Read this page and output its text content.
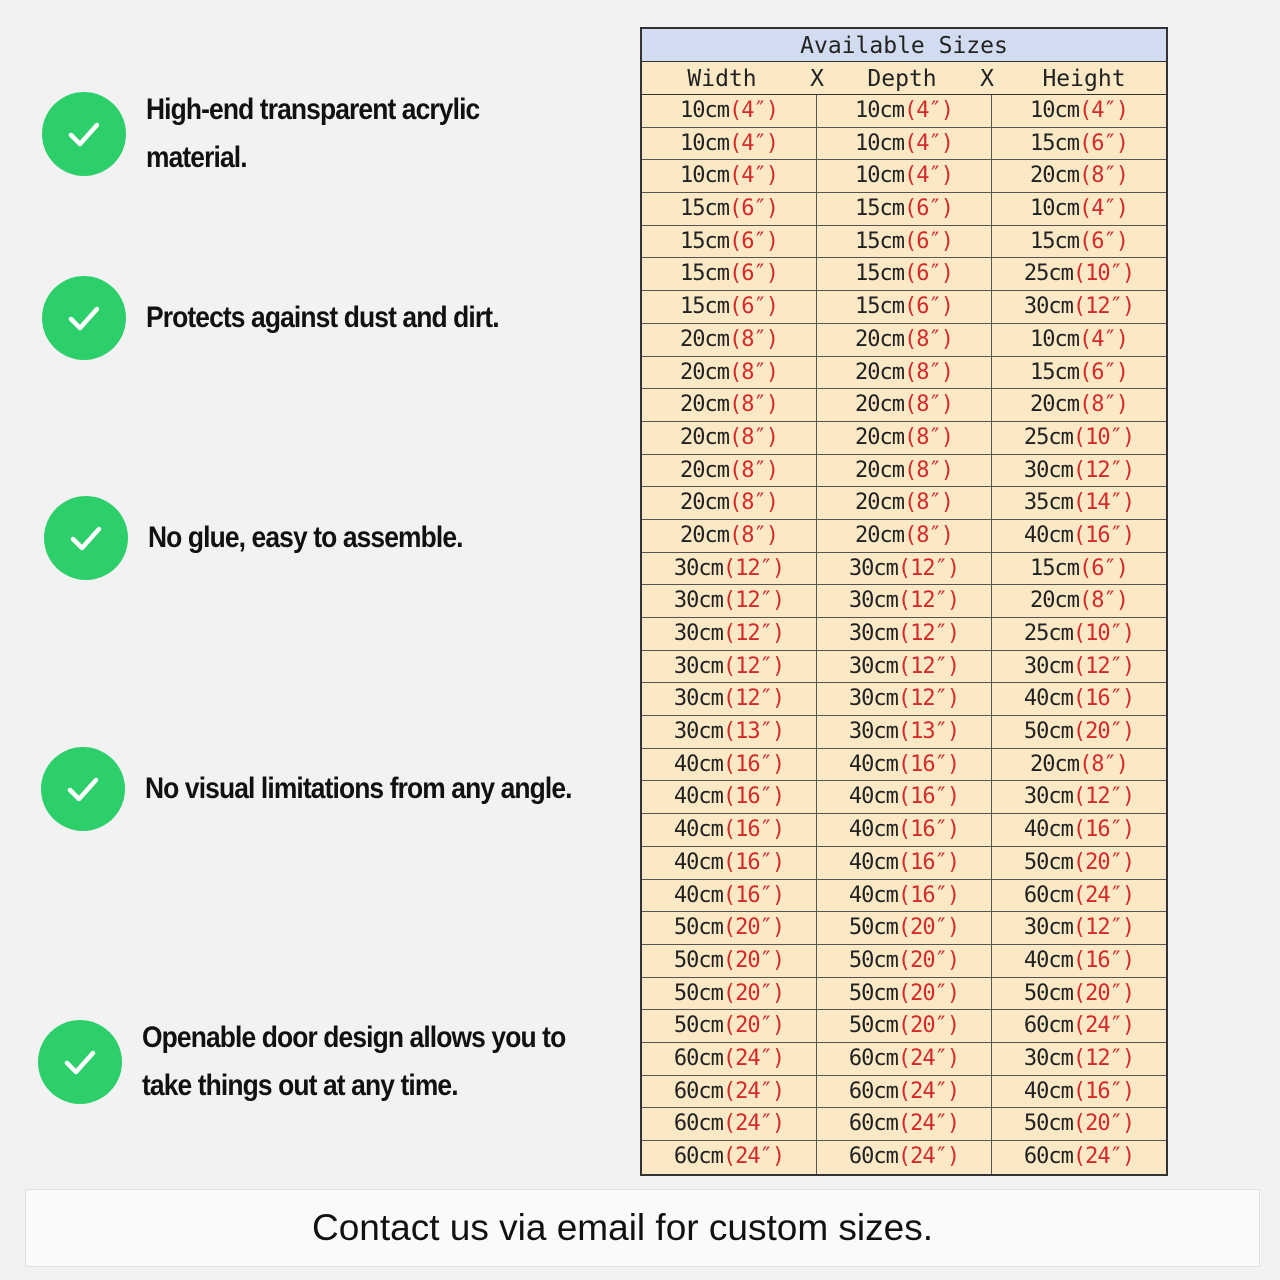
High-end transparent acrylic
material.
Protects against dust and dirt.
No glue, easy to assemble.
No visual limitations from any angle.
Openable door design allows you to
take things out at any time.
Available Sizes
Width	X	Depth	X	Height
10cm(4″)	10cm(4″)	10cm(4″)
10cm(4″)	10cm(4″)	15cm(6″)
10cm(4″)	10cm(4″)	20cm(8″)
15cm(6″)	15cm(6″)	10cm(4″)
15cm(6″)	15cm(6″)	15cm(6″)
15cm(6″)	15cm(6″)	25cm(10″)
15cm(6″)	15cm(6″)	30cm(12″)
20cm(8″)	20cm(8″)	10cm(4″)
20cm(8″)	20cm(8″)	15cm(6″)
20cm(8″)	20cm(8″)	20cm(8″)
20cm(8″)	20cm(8″)	25cm(10″)
20cm(8″)	20cm(8″)	30cm(12″)
20cm(8″)	20cm(8″)	35cm(14″)
20cm(8″)	20cm(8″)	40cm(16″)
30cm(12″)	30cm(12″)	15cm(6″)
30cm(12″)	30cm(12″)	20cm(8″)
30cm(12″)	30cm(12″)	25cm(10″)
30cm(12″)	30cm(12″)	30cm(12″)
30cm(12″)	30cm(12″)	40cm(16″)
30cm(13″)	30cm(13″)	50cm(20″)
40cm(16″)	40cm(16″)	20cm(8″)
40cm(16″)	40cm(16″)	30cm(12″)
40cm(16″)	40cm(16″)	40cm(16″)
40cm(16″)	40cm(16″)	50cm(20″)
40cm(16″)	40cm(16″)	60cm(24″)
50cm(20″)	50cm(20″)	30cm(12″)
50cm(20″)	50cm(20″)	40cm(16″)
50cm(20″)	50cm(20″)	50cm(20″)
50cm(20″)	50cm(20″)	60cm(24″)
60cm(24″)	60cm(24″)	30cm(12″)
60cm(24″)	60cm(24″)	40cm(16″)
60cm(24″)	60cm(24″)	50cm(20″)
60cm(24″)	60cm(24″)	60cm(24″)
Contact us via email for custom sizes.
